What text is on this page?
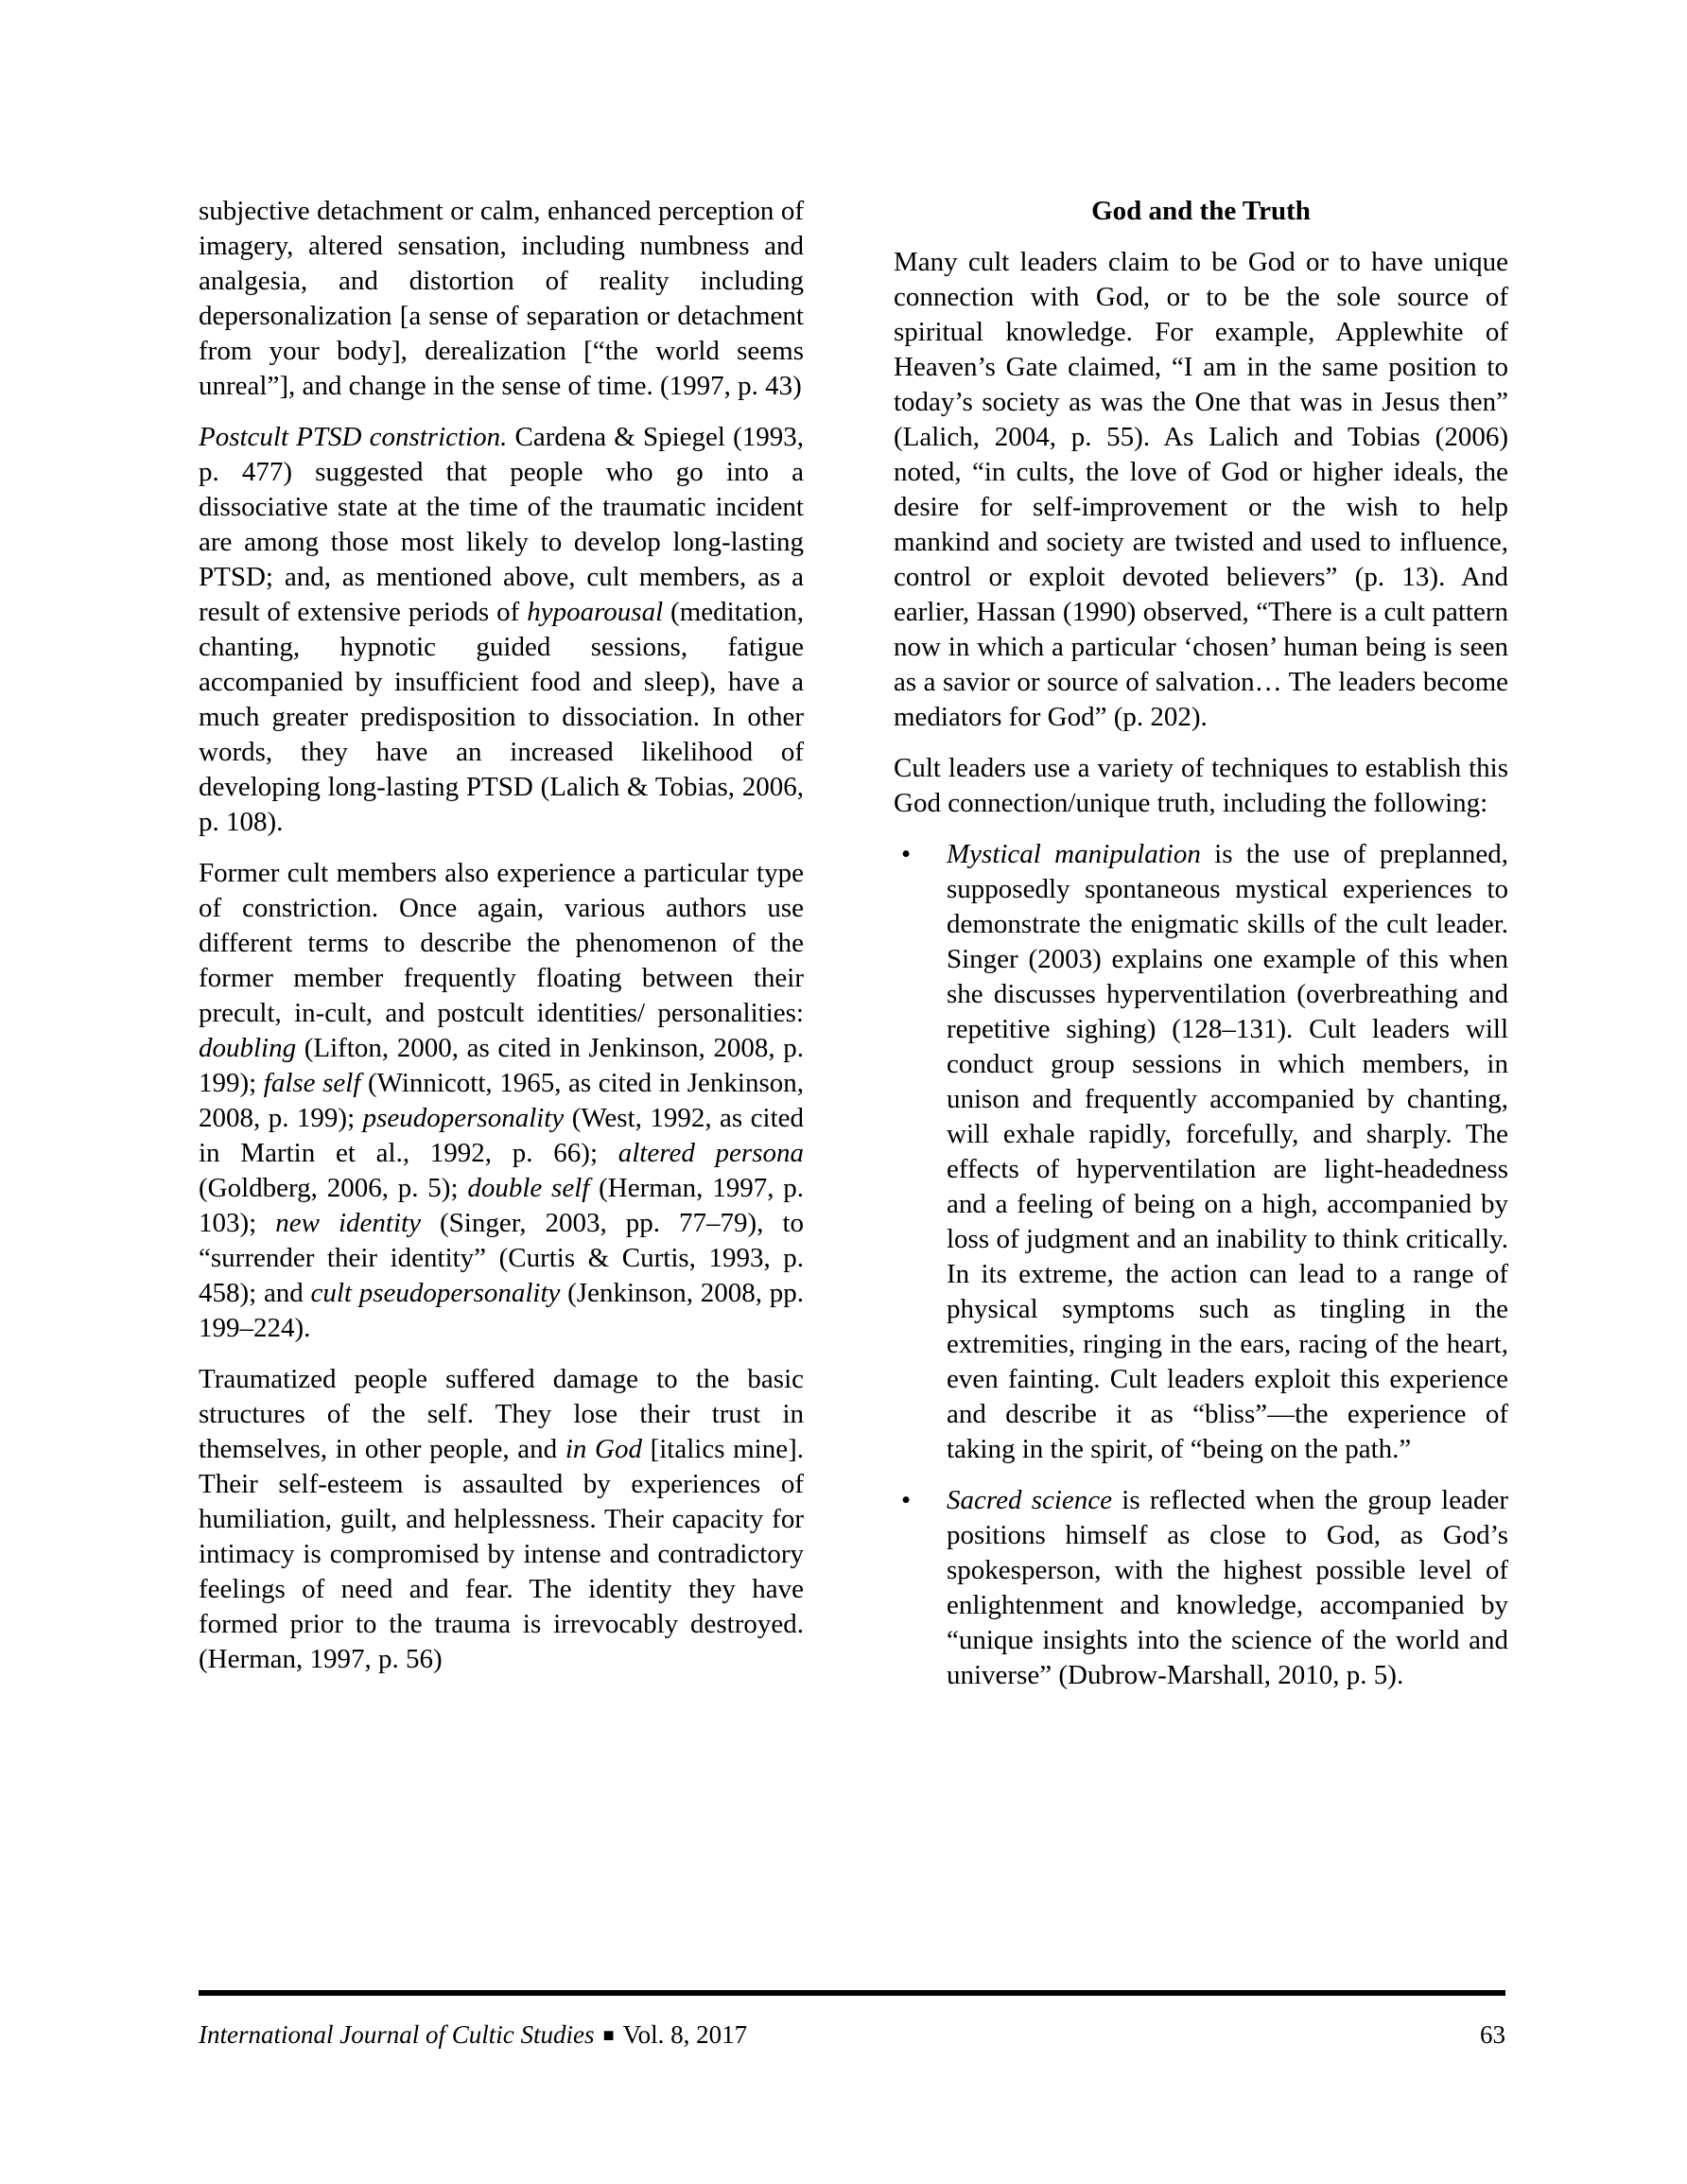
subjective detachment or calm, enhanced perception of imagery, altered sensation, including numbness and analgesia, and distortion of reality including depersonalization [a sense of separation or detachment from your body], derealization [“the world seems unreal”], and change in the sense of time. (1997, p. 43)

Postcult PTSD constriction. Cardena & Spiegel (1993, p. 477) suggested that people who go into a dissociative state at the time of the traumatic incident are among those most likely to develop long-lasting PTSD; and, as mentioned above, cult members, as a result of extensive periods of hypoarousal (meditation, chanting, hypnotic guided sessions, fatigue accompanied by insufficient food and sleep), have a much greater predisposition to dissociation. In other words, they have an increased likelihood of developing long-lasting PTSD (Lalich & Tobias, 2006, p. 108).

Former cult members also experience a particular type of constriction. Once again, various authors use different terms to describe the phenomenon of the former member frequently floating between their precult, in-cult, and postcult identities/ personalities: doubling (Lifton, 2000, as cited in Jenkinson, 2008, p. 199); false self (Winnicott, 1965, as cited in Jenkinson, 2008, p. 199); pseudopersonality (West, 1992, as cited in Martin et al., 1992, p. 66); altered persona (Goldberg, 2006, p. 5); double self (Herman, 1997, p. 103); new identity (Singer, 2003, pp. 77–79), to “surrender their identity” (Curtis & Curtis, 1993, p. 458); and cult pseudopersonality (Jenkinson, 2008, pp. 199–224).

Traumatized people suffered damage to the basic structures of the self. They lose their trust in themselves, in other people, and in God [italics mine]. Their self-esteem is assaulted by experiences of humiliation, guilt, and helplessness. Their capacity for intimacy is compromised by intense and contradictory feelings of need and fear. The identity they have formed prior to the trauma is irrevocably destroyed. (Herman, 1997, p. 56)

God and the Truth

Many cult leaders claim to be God or to have unique connection with God, or to be the sole source of spiritual knowledge. For example, Applewhite of Heaven’s Gate claimed, “I am in the same position to today’s society as was the One that was in Jesus then” (Lalich, 2004, p. 55). As Lalich and Tobias (2006) noted, “in cults, the love of God or higher ideals, the desire for self-improvement or the wish to help mankind and society are twisted and used to influence, control or exploit devoted believers” (p. 13). And earlier, Hassan (1990) observed, “There is a cult pattern now in which a particular ‘chosen’ human being is seen as a savior or source of salvation… The leaders become mediators for God” (p. 202).

Cult leaders use a variety of techniques to establish this God connection/unique truth, including the following:

• Mystical manipulation is the use of preplanned, supposedly spontaneous mystical experiences to demonstrate the enigmatic skills of the cult leader. Singer (2003) explains one example of this when she discusses hyperventilation (overbreathing and repetitive sighing) (128–131). Cult leaders will conduct group sessions in which members, in unison and frequently accompanied by chanting, will exhale rapidly, forcefully, and sharply. The effects of hyperventilation are light-headedness and a feeling of being on a high, accompanied by loss of judgment and an inability to think critically. In its extreme, the action can lead to a range of physical symptoms such as tingling in the extremities, ringing in the ears, racing of the heart, even fainting. Cult leaders exploit this experience and describe it as “bliss”—the experience of taking in the spirit, of “being on the path.”
• Sacred science is reflected when the group leader positions himself as close to God, as God’s spokesperson, with the highest possible level of enlightenment and knowledge, accompanied by “unique insights into the science of the world and universe” (Dubrow-Marshall, 2010, p. 5).
International Journal of Cultic Studies ■ Vol. 8, 2017	63
